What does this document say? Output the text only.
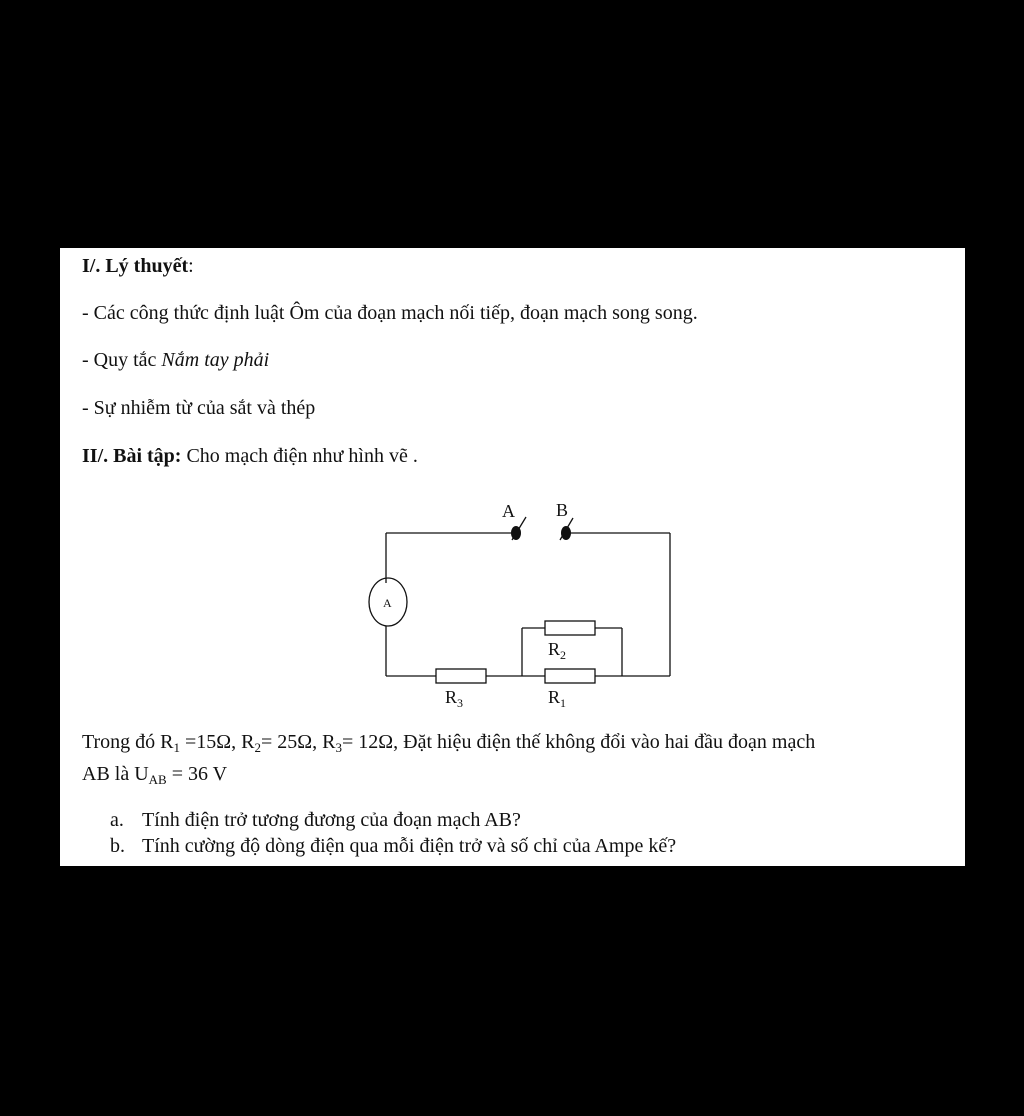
I/. Lý thuyết:
- Các công thức định luật Ôm của đoạn mạch nối tiếp, đoạn mạch song song.
- Quy tắc Nắm tay phải
- Sự nhiễm từ của sắt và thép
II/. Bài tập: Cho mạch điện như hình vẽ .
A B
A
$R_2$
$R_1$
$R_3$
Trong đó $R_1 =15\Omega$, $R_2= 25\Omega$, $R_3= 12\Omega$, Đặt hiệu điện thế không đổi vào hai đầu đoạn mạch
AB là $U_{AB} = 36$ V
a. Tính điện trở tương đương của đoạn mạch AB?
b. Tính cường độ dòng điện qua mỗi điện trở và số chỉ của Ampe kế?
